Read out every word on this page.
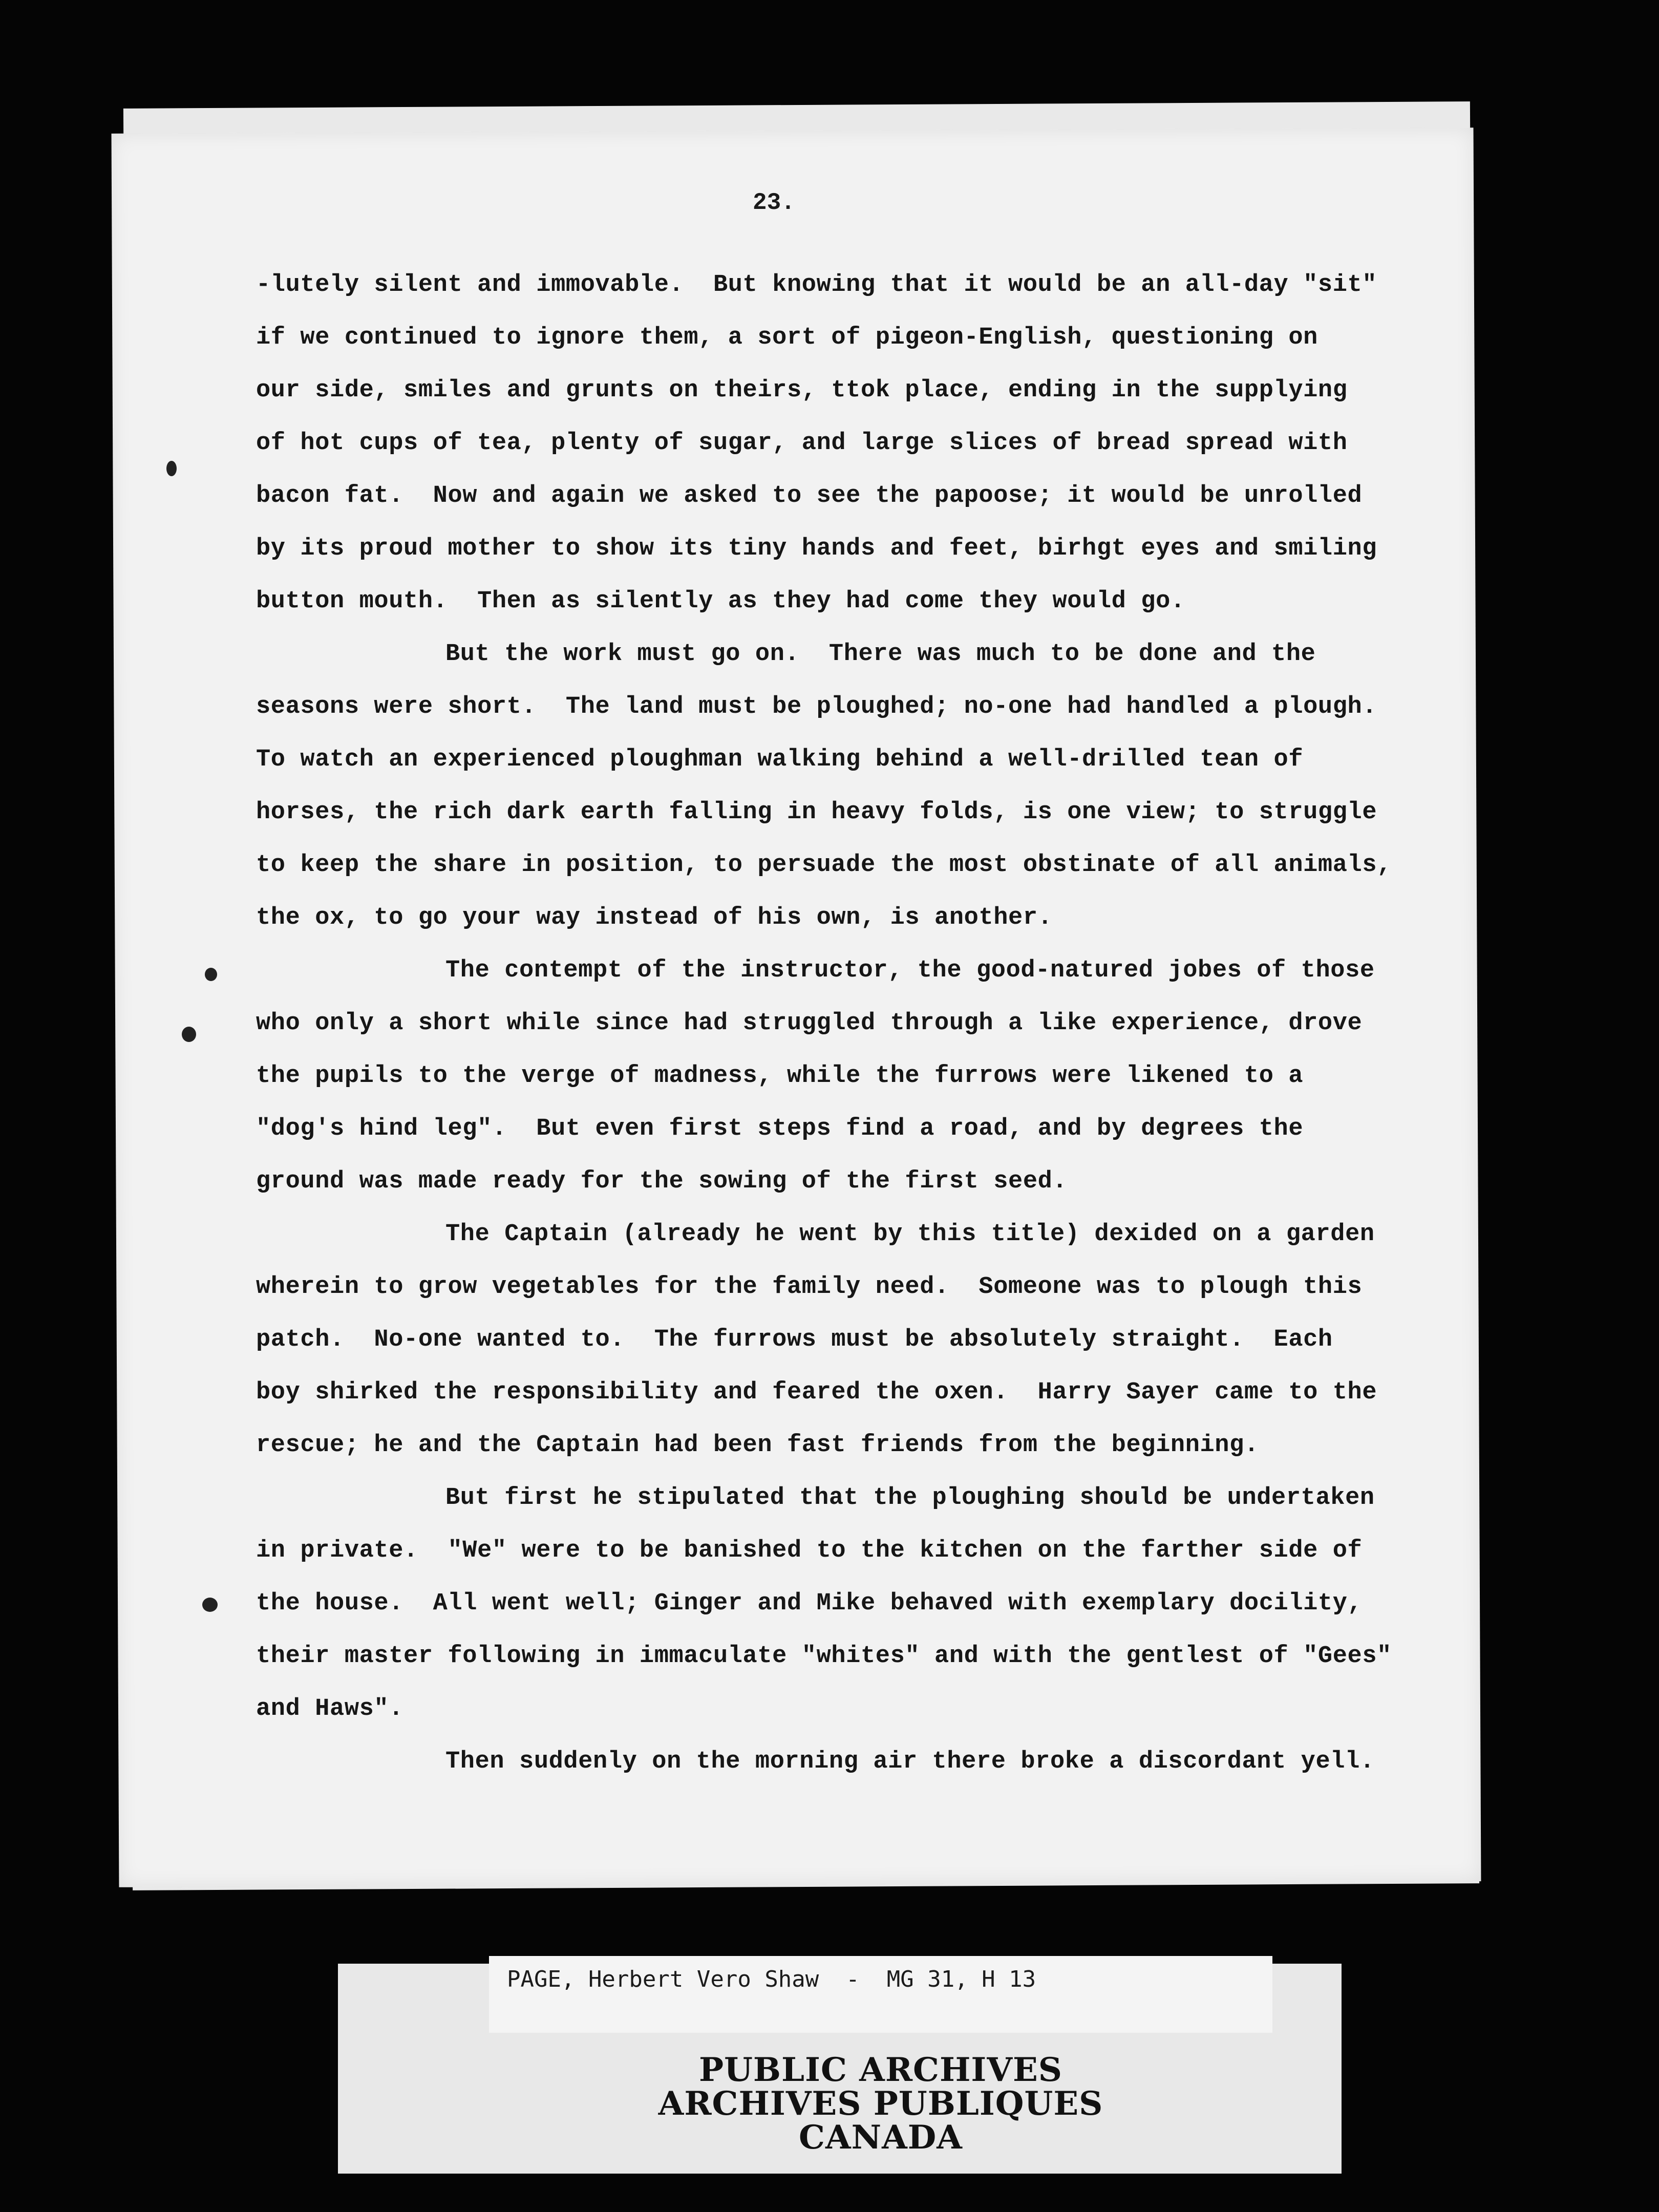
23.
-lutely silent and immovable.  But knowing that it would be an all-day "sit"
if we continued to ignore them, a sort of pigeon-English, questioning on
our side, smiles and grunts on theirs, ttok place, ending in the supplying
of hot cups of tea, plenty of sugar, and large slices of bread spread with
bacon fat.  Now and again we asked to see the papoose; it would be unrolled
by its proud mother to show its tiny hands and feet, birhgt eyes and smiling
button mouth.  Then as silently as they had come they would go.
But the work must go on.  There was much to be done and the
seasons were short.  The land must be ploughed; no-one had handled a plough.
To watch an experienced ploughman walking behind a well-drilled tean of
horses, the rich dark earth falling in heavy folds, is one view; to struggle
to keep the share in position, to persuade the most obstinate of all animals,
the ox, to go your way instead of his own, is another.
The contempt of the instructor, the good-natured jobes of those
who only a short while since had struggled through a like experience, drove
the pupils to the verge of madness, while the furrows were likened to a
"dog's hind leg".  But even first steps find a road, and by degrees the
ground was made ready for the sowing of the first seed.
The Captain (already he went by this title) dexided on a garden
wherein to grow vegetables for the family need.  Someone was to plough this
patch.  No-one wanted to.  The furrows must be absolutely straight.  Each
boy shirked the responsibility and feared the oxen.  Harry Sayer came to the
rescue; he and the Captain had been fast friends from the beginning.
But first he stipulated that the ploughing should be undertaken
in private.  "We" were to be banished to the kitchen on the farther side of
the house.  All went well; Ginger and Mike behaved with exemplary docility,
their master following in immaculate "whites" and with the gentlest of "Gees"
and Haws".
Then suddenly on the morning air there broke a discordant yell.
PAGE, Herbert Vero Shaw  -  MG 31, H 13
PUBLIC ARCHIVES
ARCHIVES PUBLIQUES
CANADA
